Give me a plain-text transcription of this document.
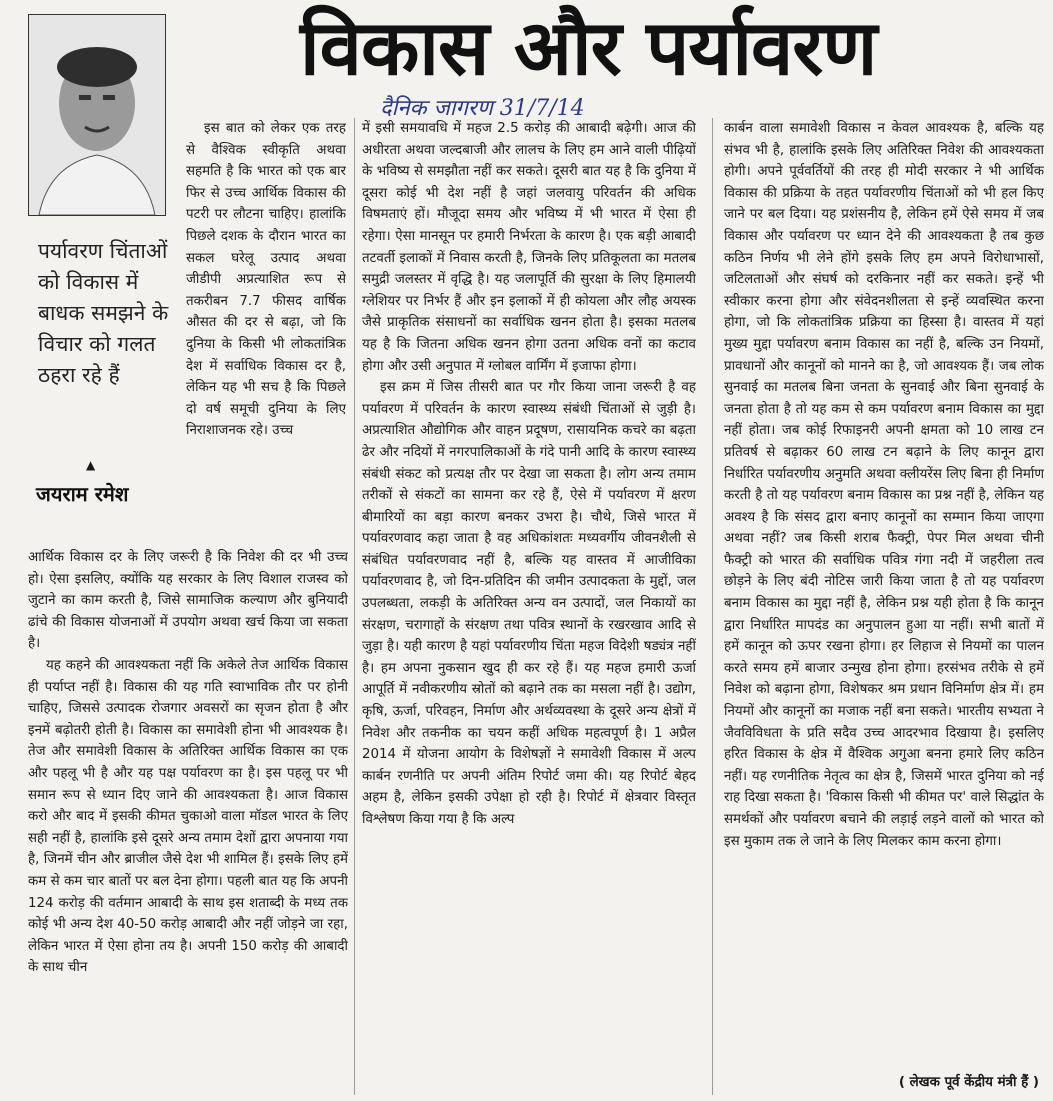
विकास और पर्यावरण
दैनिक जागरण 31/7/14
पर्यावरण चिंताओं को विकास में बाधक समझने के विचार को गलत ठहरा रहे हैं
▲
जयराम रमेश

इस बात को लेकर एक तरह से वैश्विक स्वीकृति अथवा सहमति है कि भारत को एक बार फिर से उच्च आर्थिक विकास की पटरी पर लौटना चाहिए। हालांकि पिछले दशक के दौरान भारत का सकल घरेलू उत्पाद अथवा जीडीपी अप्रत्याशित रूप से तकरीबन 7.7 फीसद वार्षिक औसत की दर से बढ़ा, जो कि दुनिया के किसी भी लोकतांत्रिक देश में सर्वाधिक विकास दर है, लेकिन यह भी सच है कि पिछले दो वर्ष समूची दुनिया के लिए निराशाजनक रहे। उच्च

आर्थिक विकास दर के लिए जरूरी है कि निवेश की दर भी उच्च हो। ऐसा इसलिए, क्योंकि यह सरकार के लिए विशाल राजस्व को जुटाने का काम करती है, जिसे सामाजिक कल्याण और बुनियादी ढांचे की विकास योजनाओं में उपयोग अथवा खर्च किया जा सकता है।

यह कहने की आवश्यकता नहीं कि अकेले तेज आर्थिक विकास ही पर्याप्त नहीं है। विकास की यह गति स्वाभाविक तौर पर होनी चाहिए, जिससे उत्पादक रोजगार अवसरों का सृजन होता है और इनमें बढ़ोतरी होती है। विकास का समावेशी होना भी आवश्यक है। तेज और समावेशी विकास के अतिरिक्त आर्थिक विकास का एक और पहलू भी है और यह पक्ष पर्यावरण का है। इस पहलू पर भी समान रूप से ध्यान दिए जाने की आवश्यकता है। आज विकास करो और बाद में इसकी कीमत चुकाओ वाला मॉडल भारत के लिए सही नहीं है, हालांकि इसे दूसरे अन्य तमाम देशों द्वारा अपनाया गया है, जिनमें चीन और ब्राजील जैसे देश भी शामिल हैं। इसके लिए हमें कम से कम चार बातों पर बल देना होगा। पहली बात यह कि अपनी 124 करोड़ की वर्तमान आबादी के साथ इस शताब्दी के मध्य तक कोई भी अन्य देश 40-50 करोड़ आबादी और नहीं जोड़ने जा रहा, लेकिन भारत में ऐसा होना तय है। अपनी 150 करोड़ की आबादी के साथ चीन

में इसी समयावधि में महज 2.5 करोड़ की आबादी बढ़ेगी। आज की अधीरता अथवा जल्दबाजी और लालच के लिए हम आने वाली पीढ़ियों के भविष्य से समझौता नहीं कर सकते। दूसरी बात यह है कि दुनिया में दूसरा कोई भी देश नहीं है जहां जलवायु परिवर्तन की अधिक विषमताएं हों। मौजूदा समय और भविष्य में भी भारत में ऐसा ही रहेगा। ऐसा मानसून पर हमारी निर्भरता के कारण है। एक बड़ी आबादी तटवर्ती इलाकों में निवास करती है, जिनके लिए प्रतिकूलता का मतलब समुद्री जलस्तर में वृद्धि है। यह जलापूर्ति की सुरक्षा के लिए हिमालयी ग्लेशियर पर निर्भर हैं और इन इलाकों में ही कोयला और लौह अयस्क जैसे प्राकृतिक संसाधनों का सर्वाधिक खनन होता है। इसका मतलब यह है कि जितना अधिक खनन होगा उतना अधिक वनों का कटाव होगा और उसी अनुपात में ग्लोबल वार्मिंग में इजाफा होगा।

इस क्रम में जिस तीसरी बात पर गौर किया जाना जरूरी है वह पर्यावरण में परिवर्तन के कारण स्वास्थ्य संबंधी चिंताओं से जुड़ी है। अप्रत्याशित औद्योगिक और वाहन प्रदूषण, रासायनिक कचरे का बढ़ता ढेर और नदियों में नगरपालिकाओं के गंदे पानी आदि के कारण स्वास्थ्य संबंधी संकट को प्रत्यक्ष तौर पर देखा जा सकता है। लोग अन्य तमाम तरीकों से संकटों का सामना कर रहे हैं, ऐसे में पर्यावरण में क्षरण बीमारियों का बड़ा कारण बनकर उभरा है। चौथे, जिसे भारत में पर्यावरणवाद कहा जाता है वह अधिकांशतः मध्यवर्गीय जीवनशैली से संबंधित पर्यावरणवाद नहीं है, बल्कि यह वास्तव में आजीविका पर्यावरणवाद है, जो दिन-प्रतिदिन की जमीन उत्पादकता के मुद्दों, जल उपलब्धता, लकड़ी के अतिरिक्त अन्य वन उत्पादों, जल निकायों का संरक्षण, चरागाहों के संरक्षण तथा पवित्र स्थानों के रखरखाव आदि से जुड़ा है। यही कारण है यहां पर्यावरणीय चिंता महज विदेशी षड्यंत्र नहीं है। हम अपना नुकसान खुद ही कर रहे हैं। यह महज हमारी ऊर्जा आपूर्ति में नवीकरणीय स्रोतों को बढ़ाने तक का मसला नहीं है। उद्योग, कृषि, ऊर्जा, परिवहन, निर्माण और अर्थव्यवस्था के दूसरे अन्य क्षेत्रों में निवेश और तकनीक का चयन कहीं अधिक महत्वपूर्ण है। 1 अप्रैल 2014 में योजना आयोग के विशेषज्ञों ने समावेशी विकास में अल्प कार्बन रणनीति पर अपनी अंतिम रिपोर्ट जमा की। यह रिपोर्ट बेहद अहम है, लेकिन इसकी उपेक्षा हो रही है। रिपोर्ट में क्षेत्रवार विस्तृत विश्लेषण किया गया है कि अल्प

कार्बन वाला समावेशी विकास न केवल आवश्यक है, बल्कि यह संभव भी है, हालांकि इसके लिए अतिरिक्त निवेश की आवश्यकता होगी। अपने पूर्ववर्तियों की तरह ही मोदी सरकार ने भी आर्थिक विकास की प्रक्रिया के तहत पर्यावरणीय चिंताओं को भी हल किए जाने पर बल दिया। यह प्रशंसनीय है, लेकिन हमें ऐसे समय में जब विकास और पर्यावरण पर ध्यान देने की आवश्यकता है तब कुछ कठिन निर्णय भी लेने होंगे इसके लिए हम अपने विरोधाभासों, जटिलताओं और संघर्ष को दरकिनार नहीं कर सकते। इन्हें भी स्वीकार करना होगा और संवेदनशीलता से इन्हें व्यवस्थित करना होगा, जो कि लोकतांत्रिक प्रक्रिया का हिस्सा है। वास्तव में यहां मुख्य मुद्दा पर्यावरण बनाम विकास का नहीं है, बल्कि उन नियमों, प्रावधानों और कानूनों को मानने का है, जो आवश्यक हैं। जब लोक सुनवाई का मतलब बिना जनता के सुनवाई और बिना सुनवाई के जनता होता है तो यह कम से कम पर्यावरण बनाम विकास का मुद्दा नहीं होता। जब कोई रिफाइनरी अपनी क्षमता को 10 लाख टन प्रतिवर्ष से बढ़ाकर 60 लाख टन बढ़ाने के लिए कानून द्वारा निर्धारित पर्यावरणीय अनुमति अथवा क्लीयरेंस लिए बिना ही निर्माण करती है तो यह पर्यावरण बनाम विकास का प्रश्न नहीं है, लेकिन यह अवश्य है कि संसद द्वारा बनाए कानूनों का सम्मान किया जाएगा अथवा नहीं? जब किसी शराब फैक्ट्री, पेपर मिल अथवा चीनी फैक्ट्री को भारत की सर्वाधिक पवित्र गंगा नदी में जहरीला तत्व छोड़ने के लिए बंदी नोटिस जारी किया जाता है तो यह पर्यावरण बनाम विकास का मुद्दा नहीं है, लेकिन प्रश्न यही होता है कि कानून द्वारा निर्धारित मापदंड का अनुपालन हुआ या नहीं। सभी बातों में हमें कानून को ऊपर रखना होगा। हर लिहाज से नियमों का पालन करते समय हमें बाजार उन्मुख होना होगा। हरसंभव तरीके से हमें निवेश को बढ़ाना होगा, विशेषकर श्रम प्रधान विनिर्माण क्षेत्र में। हम नियमों और कानूनों का मजाक नहीं बना सकते। भारतीय सभ्यता ने जैवविविधता के प्रति सदैव उच्च आदरभाव दिखाया है। इसलिए हरित विकास के क्षेत्र में वैश्विक अगुआ बनना हमारे लिए कठिन नहीं। यह रणनीतिक नेतृत्व का क्षेत्र है, जिसमें भारत दुनिया को नई राह दिखा सकता है। 'विकास किसी भी कीमत पर' वाले सिद्धांत के समर्थकों और पर्यावरण बचाने की लड़ाई लड़ने वालों को भारत को इस मुकाम तक ले जाने के लिए मिलकर काम करना होगा।

( लेखक पूर्व केंद्रीय मंत्री हैं )
